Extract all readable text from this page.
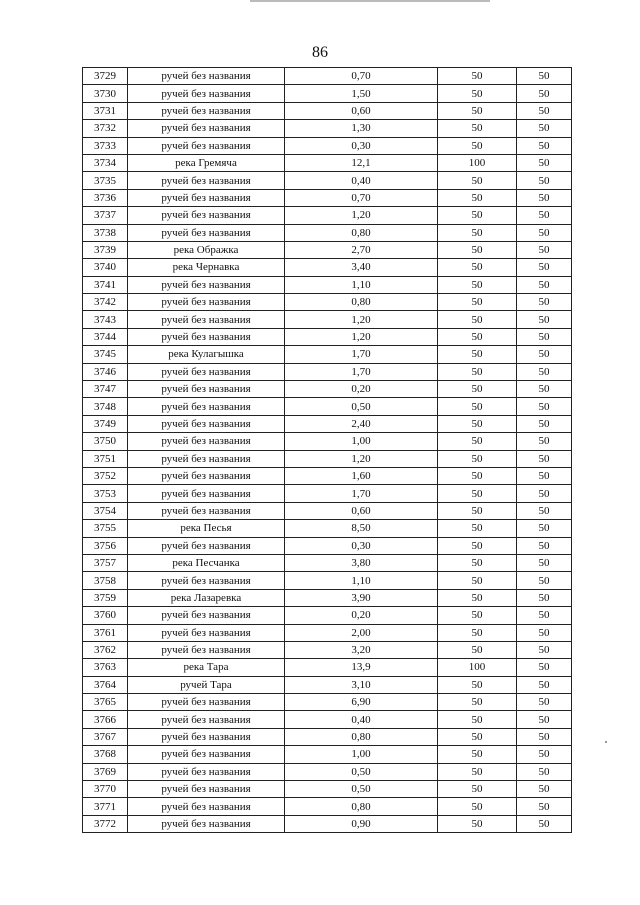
86
3729	ручей без названия	0,70	50	50
3730	ручей без названия	1,50	50	50
3731	ручей без названия	0,60	50	50
3732	ручей без названия	1,30	50	50
3733	ручей без названия	0,30	50	50
3734	река Гремяча	12,1	100	50
3735	ручей без названия	0,40	50	50
3736	ручей без названия	0,70	50	50
3737	ручей без названия	1,20	50	50
3738	ручей без названия	0,80	50	50
3739	река Ображка	2,70	50	50
3740	река Чернавка	3,40	50	50
3741	ручей без названия	1,10	50	50
3742	ручей без названия	0,80	50	50
3743	ручей без названия	1,20	50	50
3744	ручей без названия	1,20	50	50
3745	река Кулагышка	1,70	50	50
3746	ручей без названия	1,70	50	50
3747	ручей без названия	0,20	50	50
3748	ручей без названия	0,50	50	50
3749	ручей без названия	2,40	50	50
3750	ручей без названия	1,00	50	50
3751	ручей без названия	1,20	50	50
3752	ручей без названия	1,60	50	50
3753	ручей без названия	1,70	50	50
3754	ручей без названия	0,60	50	50
3755	река Песья	8,50	50	50
3756	ручей без названия	0,30	50	50
3757	река Песчанка	3,80	50	50
3758	ручей без названия	1,10	50	50
3759	река Лазаревка	3,90	50	50
3760	ручей без названия	0,20	50	50
3761	ручей без названия	2,00	50	50
3762	ручей без названия	3,20	50	50
3763	река Тара	13,9	100	50
3764	ручей Тара	3,10	50	50
3765	ручей без названия	6,90	50	50
3766	ручей без названия	0,40	50	50
3767	ручей без названия	0,80	50	50
3768	ручей без названия	1,00	50	50
3769	ручей без названия	0,50	50	50
3770	ручей без названия	0,50	50	50
3771	ручей без названия	0,80	50	50
3772	ручей без названия	0,90	50	50
